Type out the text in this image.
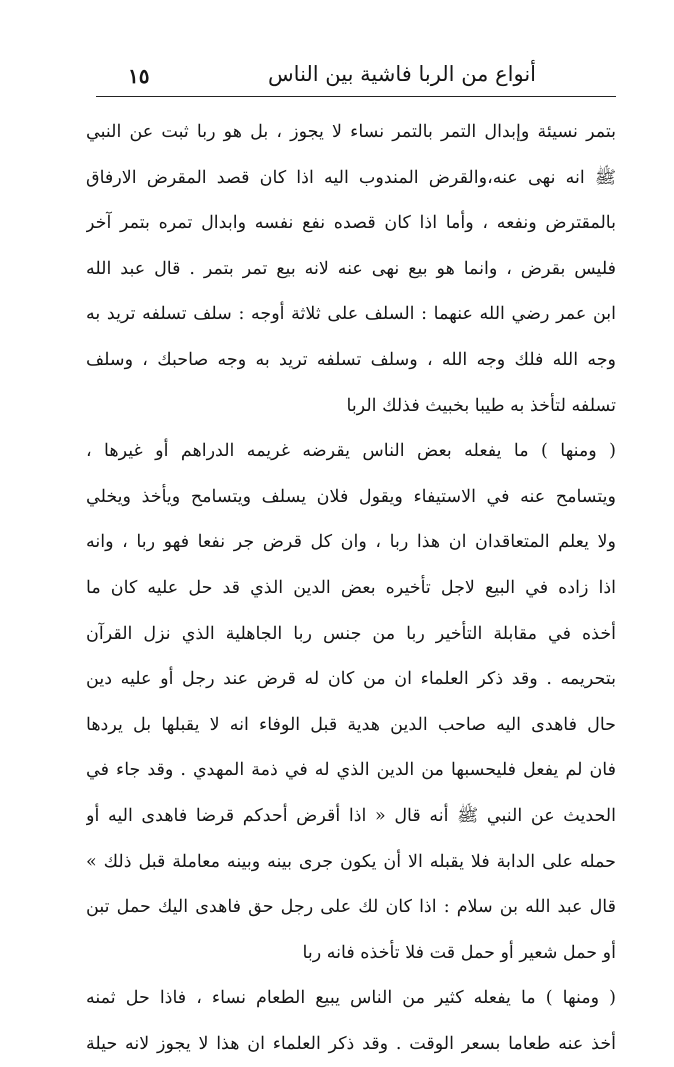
١٥	أنواع من الربا فاشية بين الناس
بتمر نسيئة وإبدال التمر بالتمر نساء لا يجوز ، بل هو ربا ثبت عن النبي
ﷺ انه نهى عنه،والقرض المندوب اليه اذا كان قصد المقرض الارفاق
بالمقترض ونفعه ، وأما اذا كان قصده نفع نفسه وابدال تمره بتمر آخر
فليس بقرض ، وانما هو بيع نهى عنه لانه بيع تمر بتمر . قال عبد الله
ابن عمر رضي الله عنهما : السلف على ثلاثة أوجه : سلف تسلفه تريد به
وجه الله فلك وجه الله ، وسلف تسلفه تريد به وجه صاحبك ، وسلف
تسلفه لتأخذ به طيبا بخبيث فذلك الربا
( ومنها ) ما يفعله بعض الناس يقرضه غريمه الدراهم أو غيرها ،
ويتسامح عنه في الاستيفاء ويقول فلان يسلف ويتسامح ويأخذ ويخلي
ولا يعلم المتعاقدان ان هذا ربا ، وان كل قرض جر نفعا فهو ربا ، وانه
اذا زاده في البيع لاجل تأخيره بعض الدين الذي قد حل عليه كان ما
أخذه في مقابلة التأخير ربا من جنس ربا الجاهلية الذي نزل القرآن
بتحريمه . وقد ذكر العلماء ان من كان له قرض عند رجل أو عليه دين
حال فاهدى اليه صاحب الدين هدية قبل الوفاء انه لا يقبلها بل يردها
فان لم يفعل فليحسبها من الدين الذي له في ذمة المهدي . وقد جاء في
الحديث عن النبي ﷺ أنه قال « اذا أقرض أحدكم قرضا فاهدى اليه أو
حمله على الدابة فلا يقبله الا أن يكون جرى بينه وبينه معاملة قبل ذلك »
قال عبد الله بن سلام : اذا كان لك على رجل حق فاهدى اليك حمل تبن
أو حمل شعير أو حمل قت فلا تأخذه فانه ربا
( ومنها ) ما يفعله كثير من الناس يبيع الطعام نساء ، فاذا حل ثمنه
أخذ عنه طعاما بسعر الوقت . وقد ذكر العلماء ان هذا لا يجوز لانه حيلة
